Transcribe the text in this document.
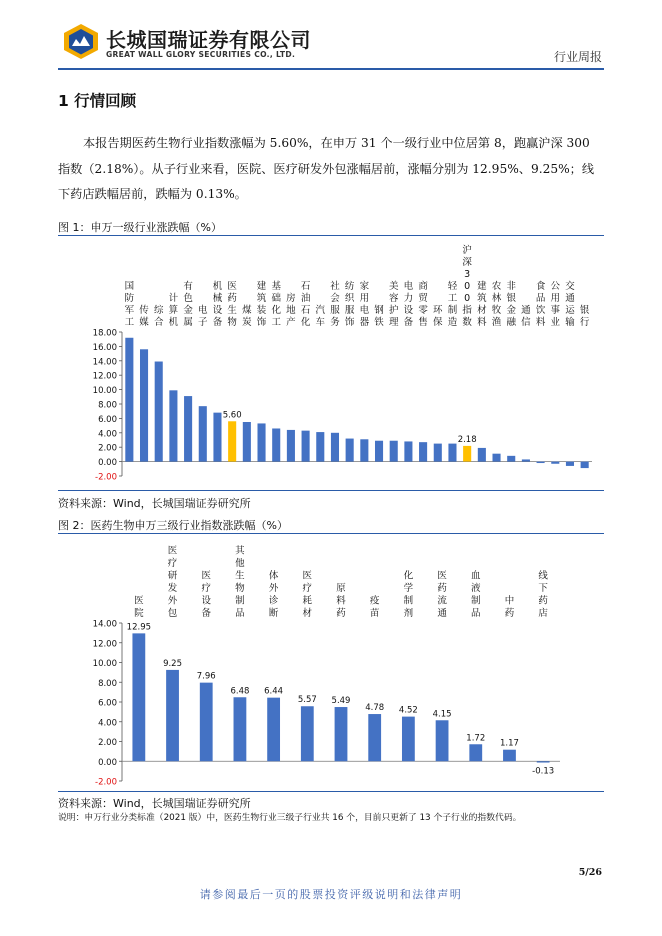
长城国瑞证券有限公司
GREAT WALL GLORY SECURITIES CO., LTD.	行业周报
1 行情回顾
本报告期医药生物行业指数涨幅为 5.60%，在申万 31 个一级行业中位居第 8，跑赢沪深 300 指数（2.18%）。从子行业来看，医院、医疗研发外包涨幅居前，涨幅分别为 12.95%、9.25%；线下药店跌幅居前，跌幅为 0.13%。
图 1：申万一级行业涨跌幅（%）
18.00
16.00
14.00
12.00
10.00
8.00
6.00
4.00
2.00
0.00
-2.00
国防军工
传媒
综合
计算机
有色金属
电子
机械设备
医药生物
5.60
煤炭
建筑装饰
基础化工
房地产
石油石化
汽车
社会服务
纺织服饰
家用电器
钢铁
美容护理
电力设备
商贸零售
环保
轻工制造
沪深 3 0 0 指数
2.18
建筑材料
农林牧渔
非银金融
通信
食品饮料
公用事业
交通运输
银行
资料来源：Wind，长城国瑞证券研究所
图 2：医药生物申万三级行业指数涨跌幅（%）
14.00
12.00
10.00
8.00
6.00
4.00
2.00
0.00
-2.00
医院
12.95
医疗研发外包
9.25
医疗设备
7.96
其他生物制品
6.48
体外诊断
6.44
医疗耗材
5.57
原料药
5.49
疫苗
4.78
化学制剂
4.52
医药流通
4.15
血液制品
1.72
中药
1.17
线下药店
-0.13
资料来源：Wind，长城国瑞证券研究所
说明：申万行业分类标准（2021 版）中，医药生物行业三级子行业共 16 个，目前只更新了 13 个子行业的指数代码。
5/26
请参阅最后一页的股票投资评级说明和法律声明
